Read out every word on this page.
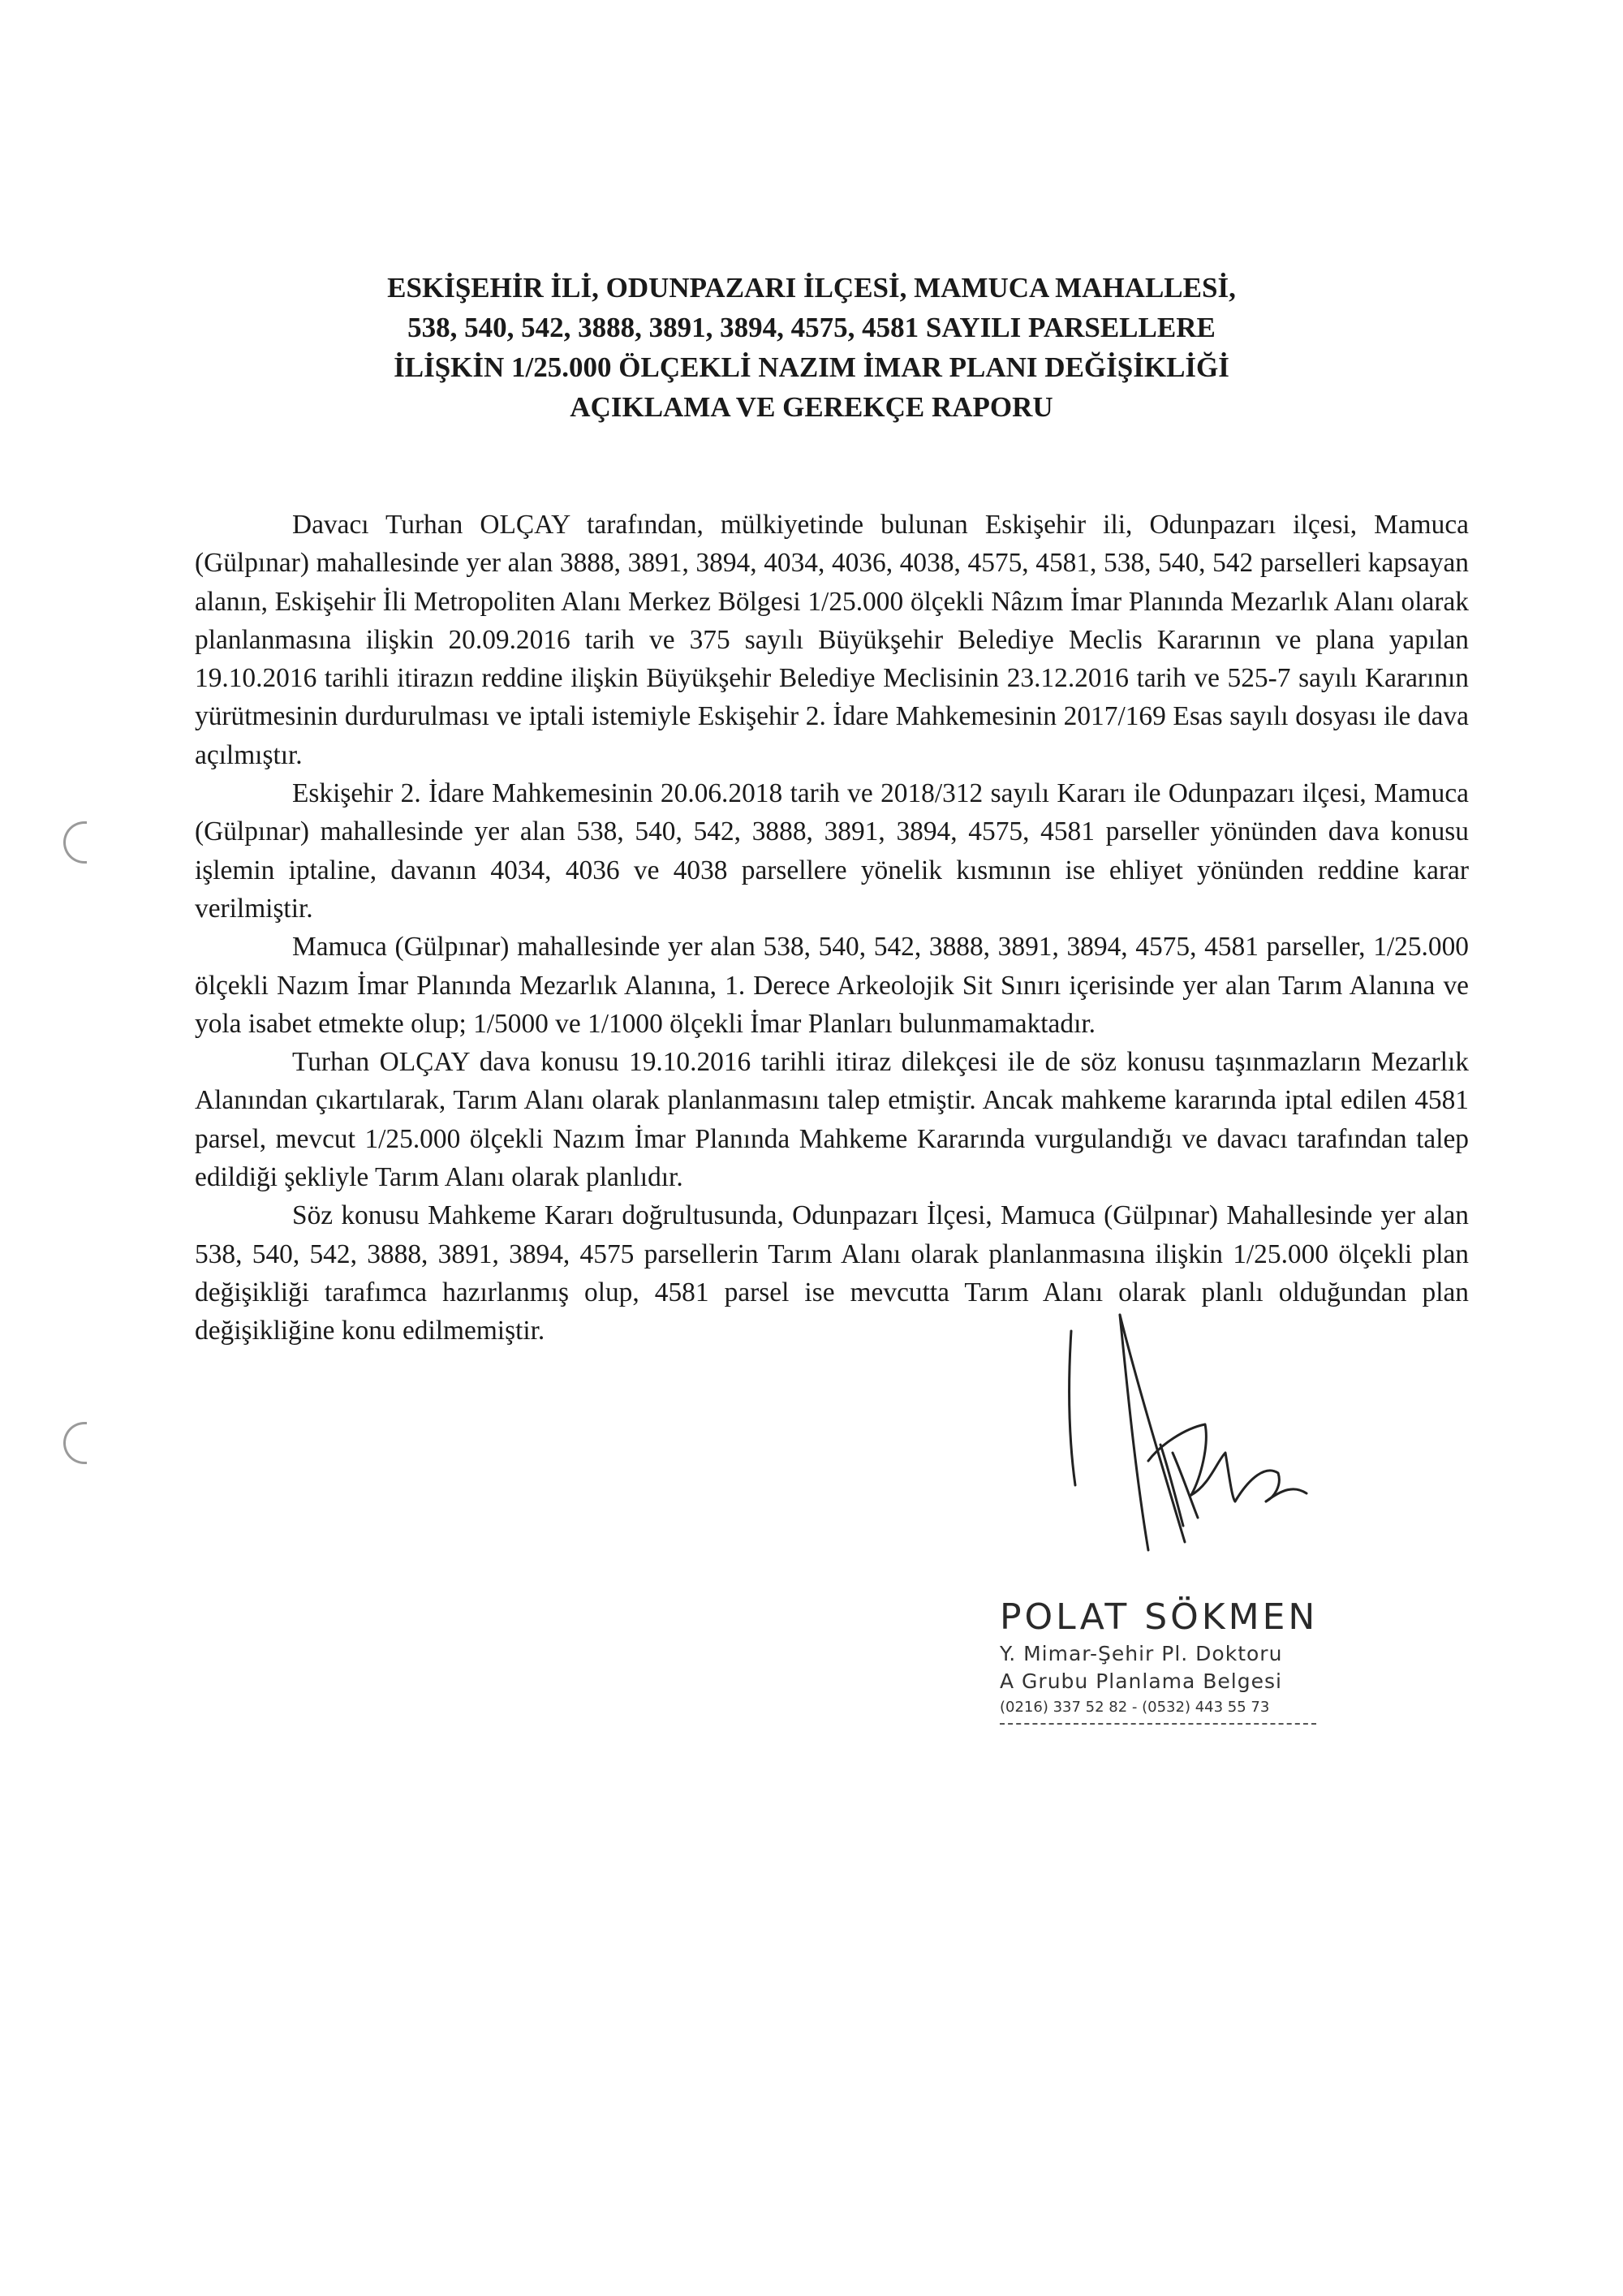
ESKİŞEHİR İLİ, ODUNPAZARI İLÇESİ, MAMUCA MAHALLESİ,
538, 540, 542, 3888, 3891, 3894, 4575, 4581 SAYILI PARSELLERE
İLİŞKİN 1/25.000 ÖLÇEKLİ NAZIM İMAR PLANI DEĞİŞİKLİĞİ
AÇIKLAMA VE GEREKÇE RAPORU

Davacı Turhan OLÇAY tarafından, mülkiyetinde bulunan Eskişehir ili, Odunpazarı ilçesi, Mamuca (Gülpınar) mahallesinde yer alan 3888, 3891, 3894, 4034, 4036, 4038, 4575, 4581, 538, 540, 542 parselleri kapsayan alanın, Eskişehir İli Metropoliten Alanı Merkez Bölgesi 1/25.000 ölçekli Nâzım İmar Planında Mezarlık Alanı olarak planlanmasına ilişkin 20.09.2016 tarih ve 375 sayılı Büyükşehir Belediye Meclis Kararının ve plana yapılan 19.10.2016 tarihli itirazın reddine ilişkin Büyükşehir Belediye Meclisinin 23.12.2016 tarih ve 525-7 sayılı Kararının yürütmesinin durdurulması ve iptali istemiyle Eskişehir 2. İdare Mahkemesinin 2017/169 Esas sayılı dosyası ile dava açılmıştır.

Eskişehir 2. İdare Mahkemesinin 20.06.2018 tarih ve 2018/312 sayılı Kararı ile Odunpazarı ilçesi, Mamuca (Gülpınar) mahallesinde yer alan 538, 540, 542, 3888, 3891, 3894, 4575, 4581 parseller yönünden dava konusu işlemin iptaline, davanın 4034, 4036 ve 4038 parsellere yönelik kısmının ise ehliyet yönünden reddine karar verilmiştir.

Mamuca (Gülpınar) mahallesinde yer alan 538, 540, 542, 3888, 3891, 3894, 4575, 4581 parseller, 1/25.000 ölçekli Nazım İmar Planında Mezarlık Alanına, 1. Derece Arkeolojik Sit Sınırı içerisinde yer alan Tarım Alanına ve yola isabet etmekte olup; 1/5000 ve 1/1000 ölçekli İmar Planları bulunmamaktadır.

Turhan OLÇAY dava konusu 19.10.2016 tarihli itiraz dilekçesi ile de söz konusu taşınmazların Mezarlık Alanından çıkartılarak, Tarım Alanı olarak planlanmasını talep etmiştir. Ancak mahkeme kararında iptal edilen 4581 parsel, mevcut 1/25.000 ölçekli Nazım İmar Planında Mahkeme Kararında vurgulandığı ve davacı tarafından talep edildiği şekliyle Tarım Alanı olarak planlıdır.

Söz konusu Mahkeme Kararı doğrultusunda, Odunpazarı İlçesi, Mamuca (Gülpınar) Mahallesinde yer alan 538, 540, 542, 3888, 3891, 3894, 4575 parsellerin Tarım Alanı olarak planlanmasına ilişkin 1/25.000 ölçekli plan değişikliği tarafımca hazırlanmış olup, 4581 parsel ise mevcutta Tarım Alanı olarak planlı olduğundan plan değişikliğine konu edilmemiştir.

POLAT SÖKMEN
Y. Mimar-Şehir Pl. Doktoru
A Grubu Planlama Belgesi
(0216) 337 52 82 - (0532) 443 55 73
